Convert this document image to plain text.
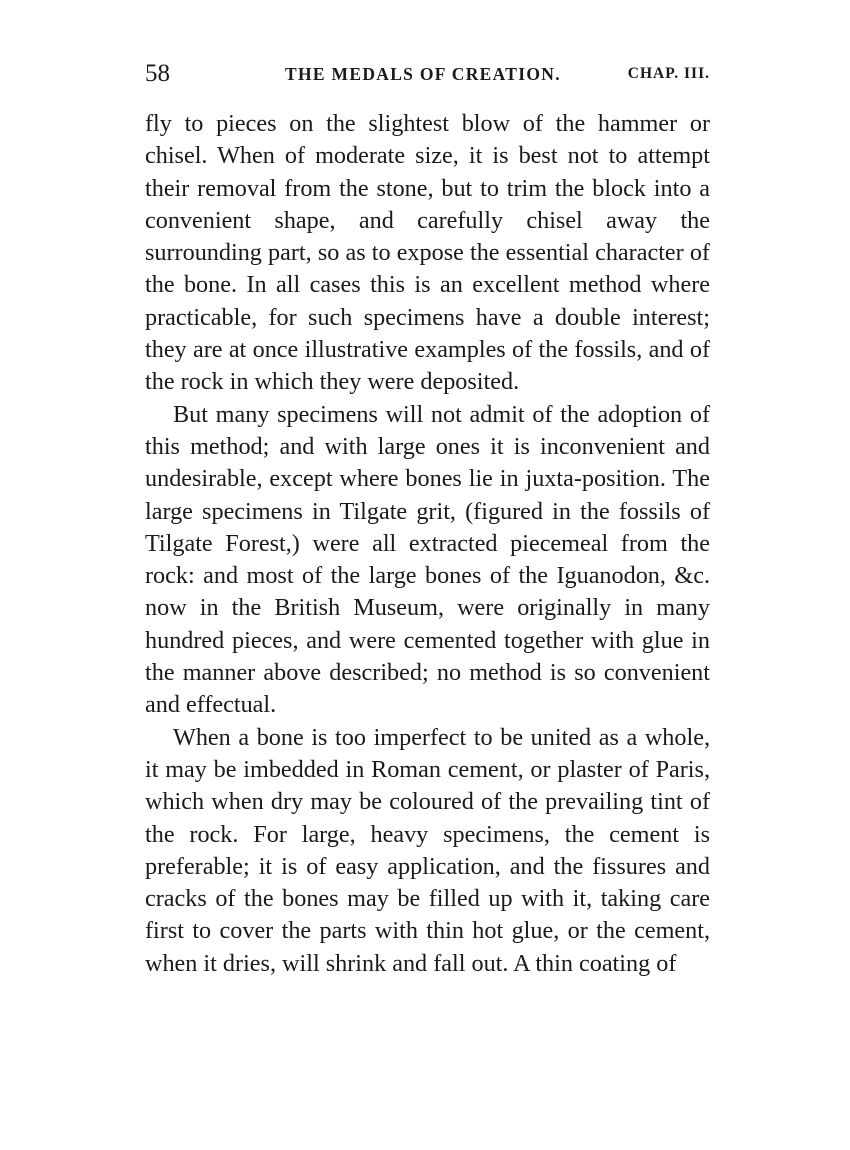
58	THE MEDALS OF CREATION.	CHAP. III.

fly to pieces on the slightest blow of the hammer or chisel. When of moderate size, it is best not to attempt their removal from the stone, but to trim the block into a convenient shape, and carefully chisel away the surrounding part, so as to expose the essential character of the bone. In all cases this is an excellent method where practicable, for such specimens have a double interest; they are at once illustrative examples of the fossils, and of the rock in which they were deposited.

But many specimens will not admit of the adoption of this method; and with large ones it is inconvenient and undesirable, except where bones lie in juxta-position. The large specimens in Tilgate grit, (figured in the fossils of Tilgate Forest,) were all extracted piecemeal from the rock: and most of the large bones of the Iguanodon, &c. now in the British Museum, were originally in many hundred pieces, and were cemented together with glue in the manner above described; no method is so convenient and effectual.

When a bone is too imperfect to be united as a whole, it may be imbedded in Roman cement, or plaster of Paris, which when dry may be coloured of the prevailing tint of the rock. For large, heavy specimens, the cement is preferable; it is of easy application, and the fissures and cracks of the bones may be filled up with it, taking care first to cover the parts with thin hot glue, or the cement, when it dries, will shrink and fall out. A thin coating of
